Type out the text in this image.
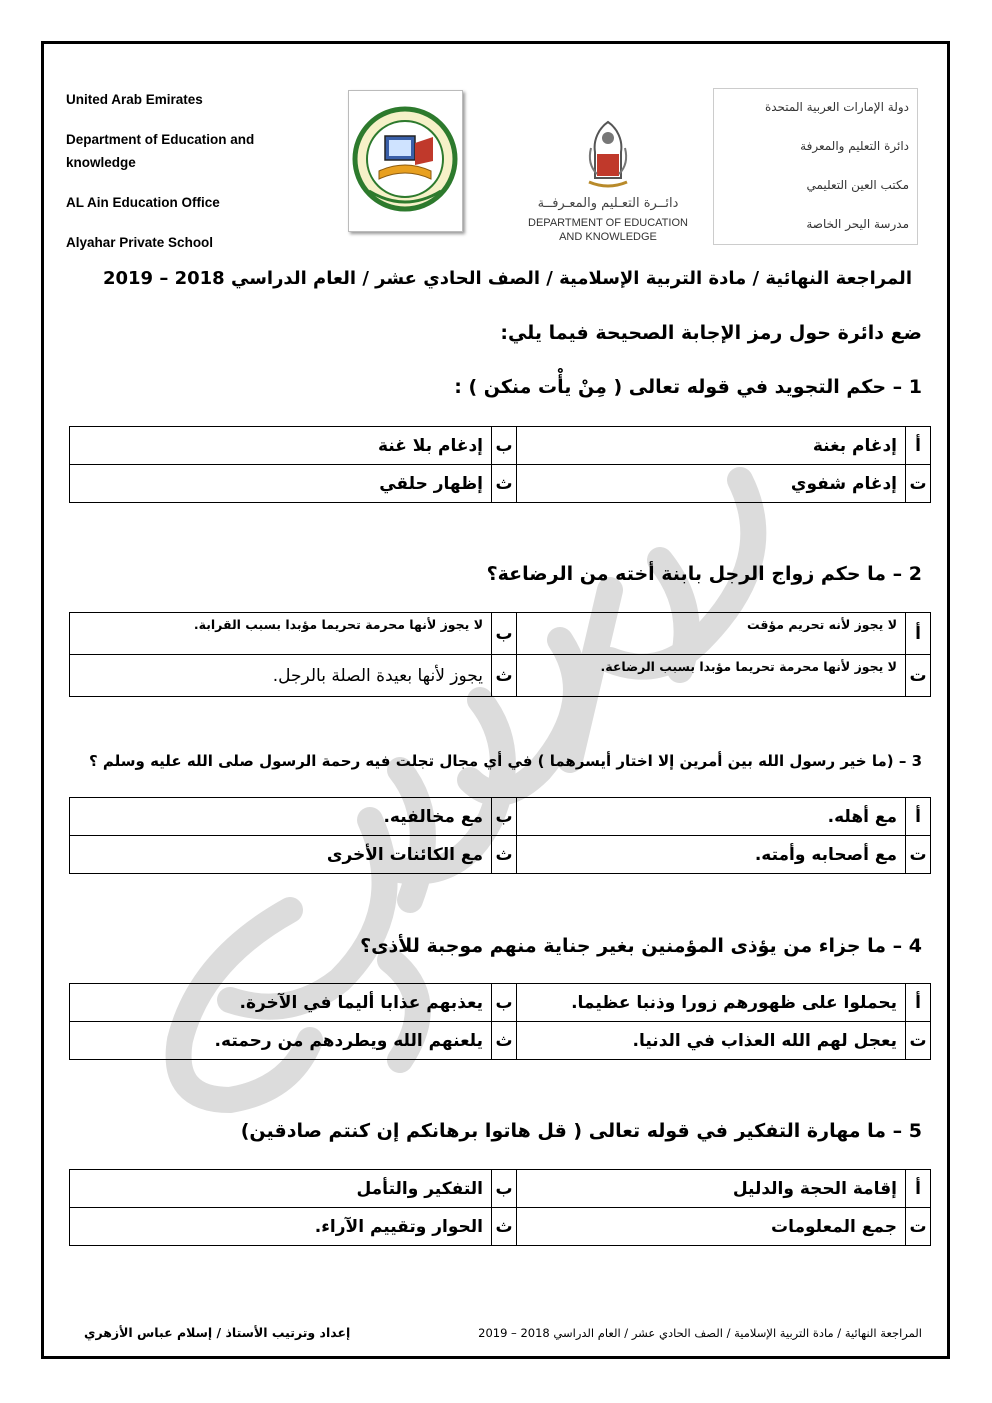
United Arab Emirates
Department of Education and knowledge
AL Ain Education Office
Alyahar Private School
دائــرة التعـليم والمعـرفــة
DEPARTMENT OF EDUCATION
AND KNOWLEDGE
دولة الإمارات العربية المتحدة
دائرة التعليم والمعرفة
مكتب العين التعليمي
مدرسة اليحر الخاصة
المراجعة النهائية / مادة التربية الإسلامية / الصف الحادي عشر / العام الدراسي 2018 – 2019
ضع دائرة حول رمز الإجابة الصحيحة فيما يلي:
1 – حكم التجويد في قوله تعالى ( مِنْ يأْت منكن ) :
أ	إدغام بغنة	ب	إدغام بلا غنة
ت	إدغام شفوي	ث	إظهار حلقي
2 – ما حكم زواج الرجل بابنة أخته من الرضاعة؟
أ	لا يجوز لأنه تحريم مؤقت	ب	لا يجوز لأنها محرمة تحريما مؤبدا بسبب القرابة.
ت	لا يجوز لأنها محرمة تحريما مؤبدا بسبب الرضاعة.	ث	يجوز لأنها بعيدة الصلة بالرجل.
3 – (ما خير رسول الله بين أمرين إلا اختار أيسرهما ) في أي مجال تجلت فيه رحمة الرسول صلى الله عليه وسلم ؟
أ	مع أهله.	ب	مع مخالفيه.
ت	مع أصحابه وأمته.	ث	مع الكائنات الأخرى
4 – ما جزاء من يؤذى المؤمنين بغير جناية منهم موجبة للأذى؟
أ	يحملوا على ظهورهم زورا وذنبا عظيما.	ب	يعذبهم عذابا أليما في الآخرة.
ت	يعجل لهم الله العذاب في الدنيا.	ث	يلعنهم الله ويطردهم من رحمته.
5 – ما مهارة التفكير في قوله تعالى ( قل هاتوا برهانكم إن كنتم صادقين)
أ	إقامة الحجة والدليل	ب	التفكير والتأمل
ت	جمع المعلومات	ث	الحوار وتقييم الآراء.
إعداد وترتيب الأستاذ / إسلام عباس الأزهري	المراجعة النهائية / مادة التربية الإسلامية / الصف الحادي عشر / العام الدراسي 2018 – 2019
